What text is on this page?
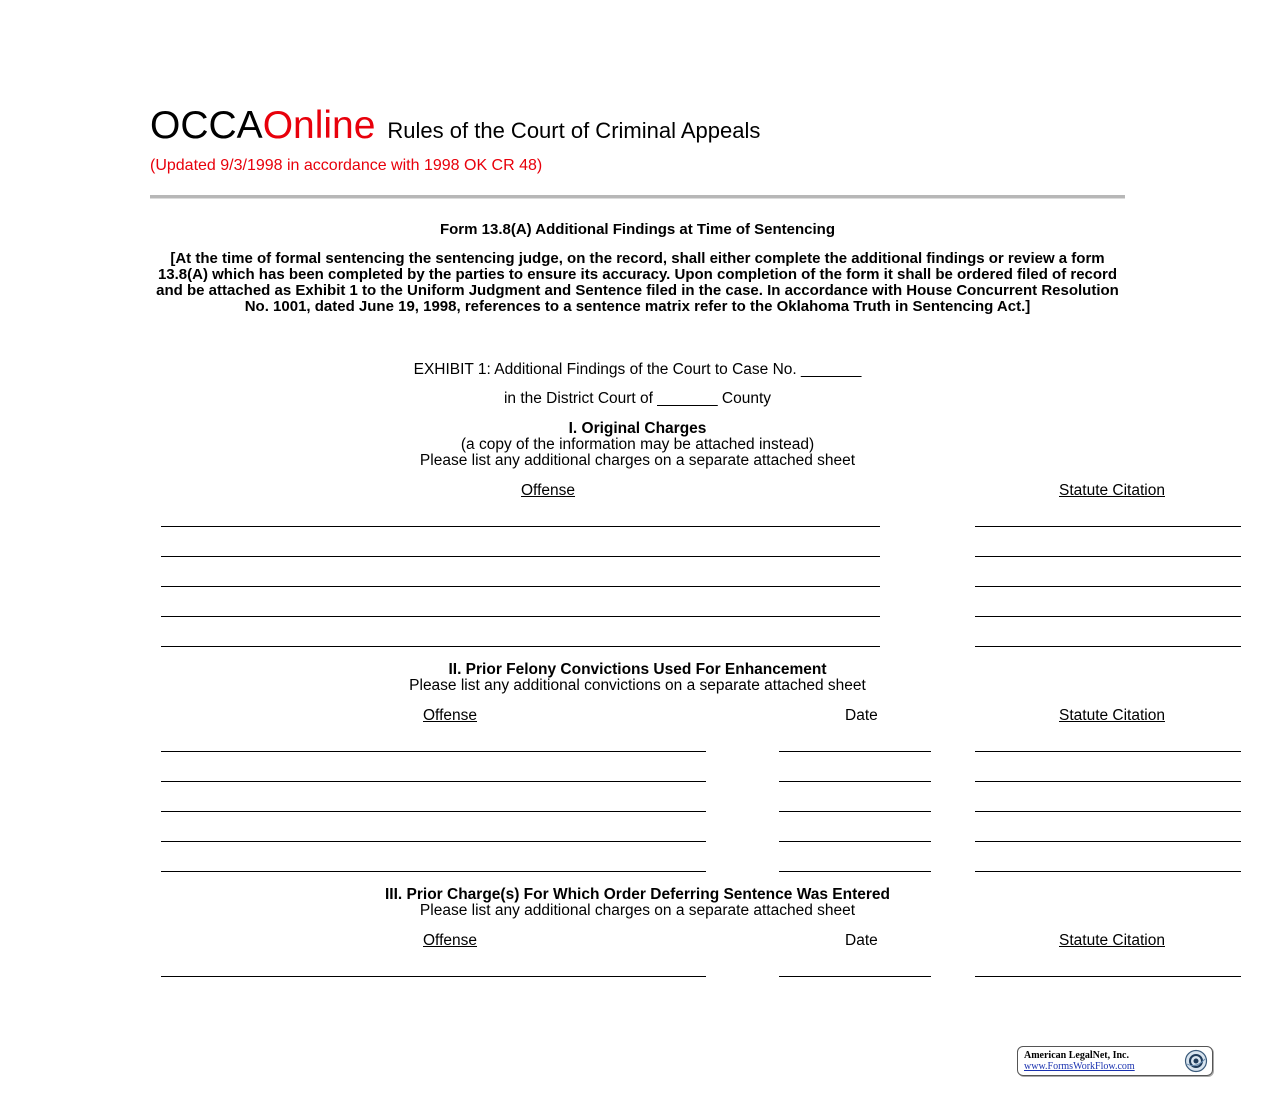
OCCAOnline Rules of the Court of Criminal Appeals
(Updated 9/3/1998 in accordance with 1998 OK CR 48)
Form 13.8(A) Additional Findings at Time of Sentencing
[At the time of formal sentencing the sentencing judge, on the record, shall either complete the additional findings or review a form 13.8(A) which has been completed by the parties to ensure its accuracy. Upon completion of the form it shall be ordered filed of record and be attached as Exhibit 1 to the Uniform Judgment and Sentence filed in the case. In accordance with House Concurrent Resolution No. 1001, dated June 19, 1998, references to a sentence matrix refer to the Oklahoma Truth in Sentencing Act.]
EXHIBIT 1: Additional Findings of the Court to Case No. _______
in the District Court of _______ County
I. Original Charges
(a copy of the information may be attached instead)
Please list any additional charges on a separate attached sheet
Offense	Statute Citation
II. Prior Felony Convictions Used For Enhancement
Please list any additional convictions on a separate attached sheet
Offense	Date	Statute Citation
III. Prior Charge(s) For Which Order Deferring Sentence Was Entered
Please list any additional charges on a separate attached sheet
Offense	Date	Statute Citation
American LegalNet, Inc.
www.FormsWorkFlow.com
